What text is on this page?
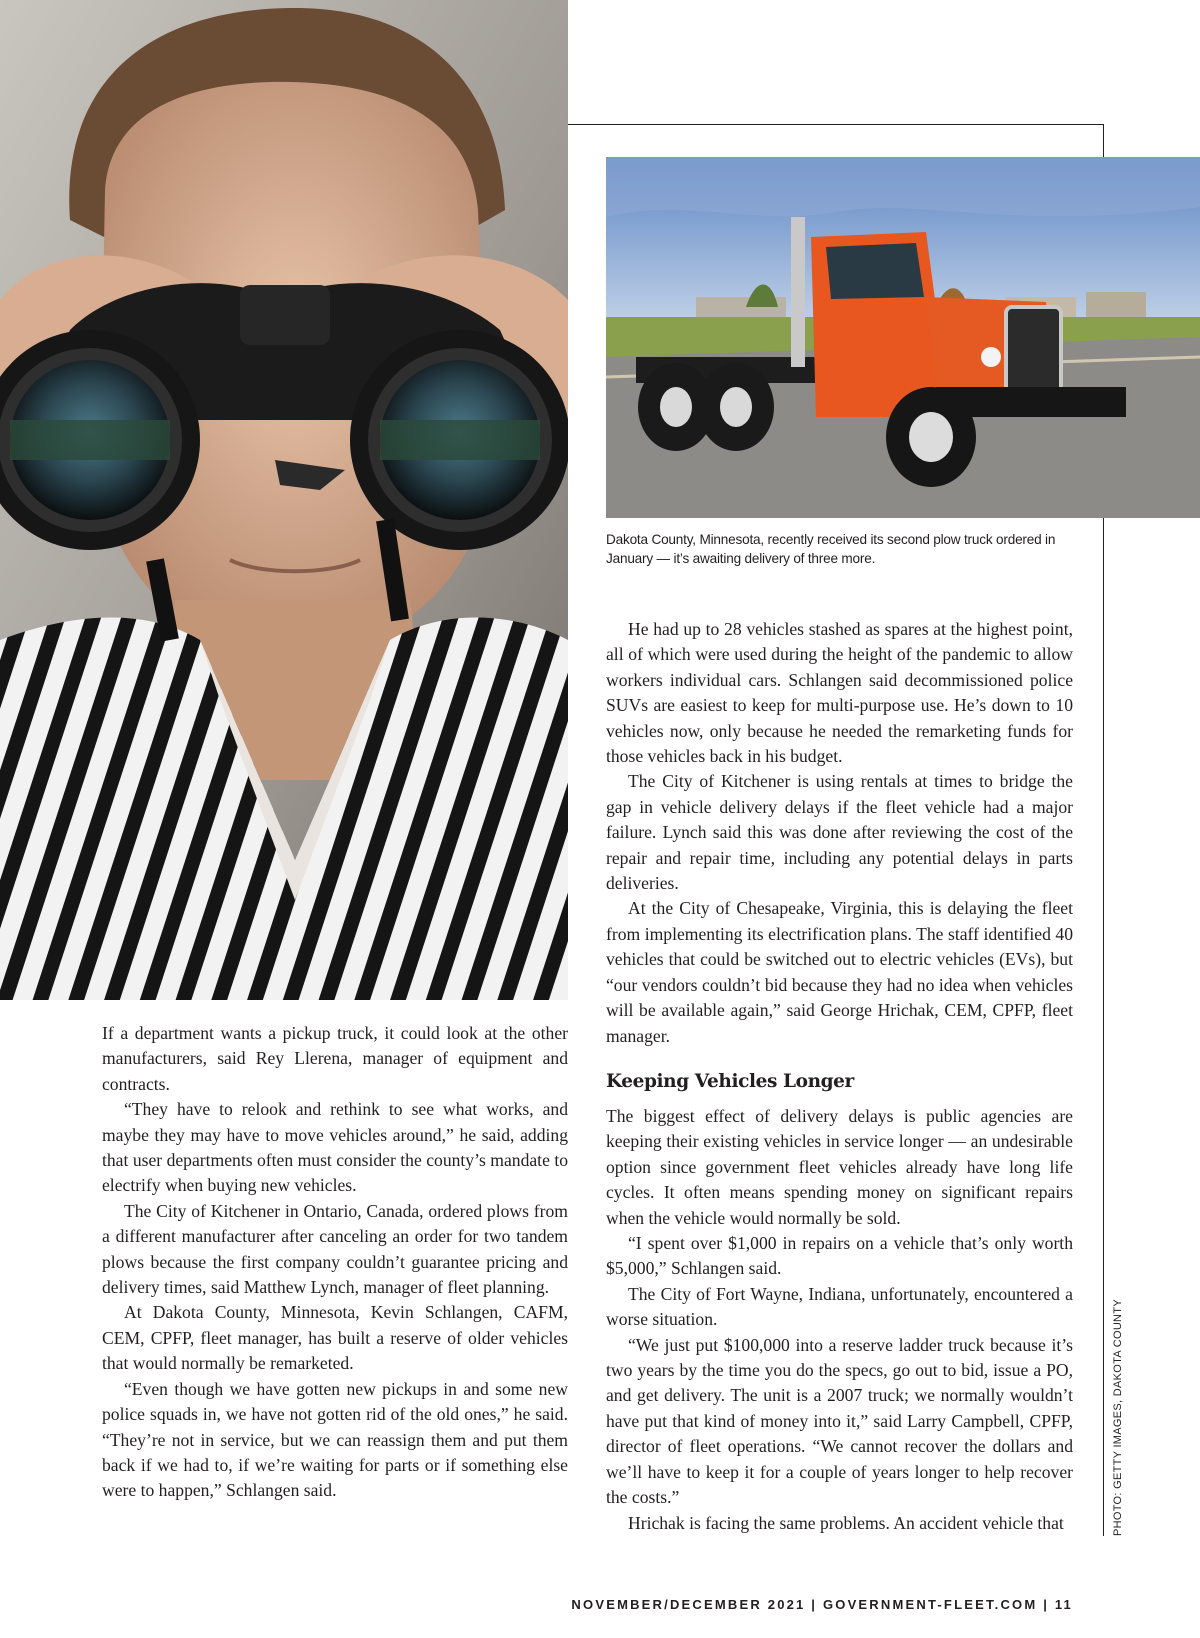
Dakota County, Minnesota, recently received its second plow truck ordered in January — it’s awaiting delivery of three more.

If a department wants a pickup truck, it could look at the other manufacturers, said Rey Llerena, manager of equipment and contracts.

“They have to relook and rethink to see what works, and maybe they may have to move vehicles around,” he said, adding that user departments often must consider the county’s mandate to electrify when buying new vehicles.

The City of Kitchener in Ontario, Canada, ordered plows from a different manufacturer after canceling an order for two tandem plows because the first company couldn’t guarantee pricing and delivery times, said Matthew Lynch, manager of fleet planning.

At Dakota County, Minnesota, Kevin Schlangen, CAFM, CEM, CPFP, fleet manager, has built a reserve of older vehicles that would normally be remarketed.

“Even though we have gotten new pickups in and some new police squads in, we have not gotten rid of the old ones,” he said. “They’re not in service, but we can reassign them and put them back if we had to, if we’re waiting for parts or if something else were to happen,” Schlangen said.

He had up to 28 vehicles stashed as spares at the highest point, all of which were used during the height of the pandemic to allow workers individual cars. Schlangen said decommissioned police SUVs are easiest to keep for multi-purpose use. He’s down to 10 vehicles now, only because he needed the remarketing funds for those vehicles back in his budget.

The City of Kitchener is using rentals at times to bridge the gap in vehicle delivery delays if the fleet vehicle had a major failure. Lynch said this was done after reviewing the cost of the repair and repair time, including any potential delays in parts deliveries.

At the City of Chesapeake, Virginia, this is delaying the fleet from implementing its electrification plans. The staff identified 40 vehicles that could be switched out to electric vehicles (EVs), but “our vendors couldn’t bid because they had no idea when vehicles will be available again,” said George Hrichak, CEM, CPFP, fleet manager.

Keeping Vehicles Longer

The biggest effect of delivery delays is public agencies are keeping their existing vehicles in service longer — an undesirable option since government fleet vehicles already have long life cycles. It often means spending money on significant repairs when the vehicle would normally be sold.

“I spent over $1,000 in repairs on a vehicle that’s only worth $5,000,” Schlangen said.

The City of Fort Wayne, Indiana, unfortunately, encountered a worse situation.

“We just put $100,000 into a reserve ladder truck because it’s two years by the time you do the specs, go out to bid, issue a PO, and get delivery. The unit is a 2007 truck; we normally wouldn’t have put that kind of money into it,” said Larry Campbell, CPFP, director of fleet operations. “We cannot recover the dollars and we’ll have to keep it for a couple of years longer to help recover the costs.”

Hrichak is facing the same problems. An accident vehicle that	PHOTO: GETTY IMAGES, DAKOTA COUNTY
NOVEMBER/DECEMBER 2021 | GOVERNMENT-FLEET.COM | 11
